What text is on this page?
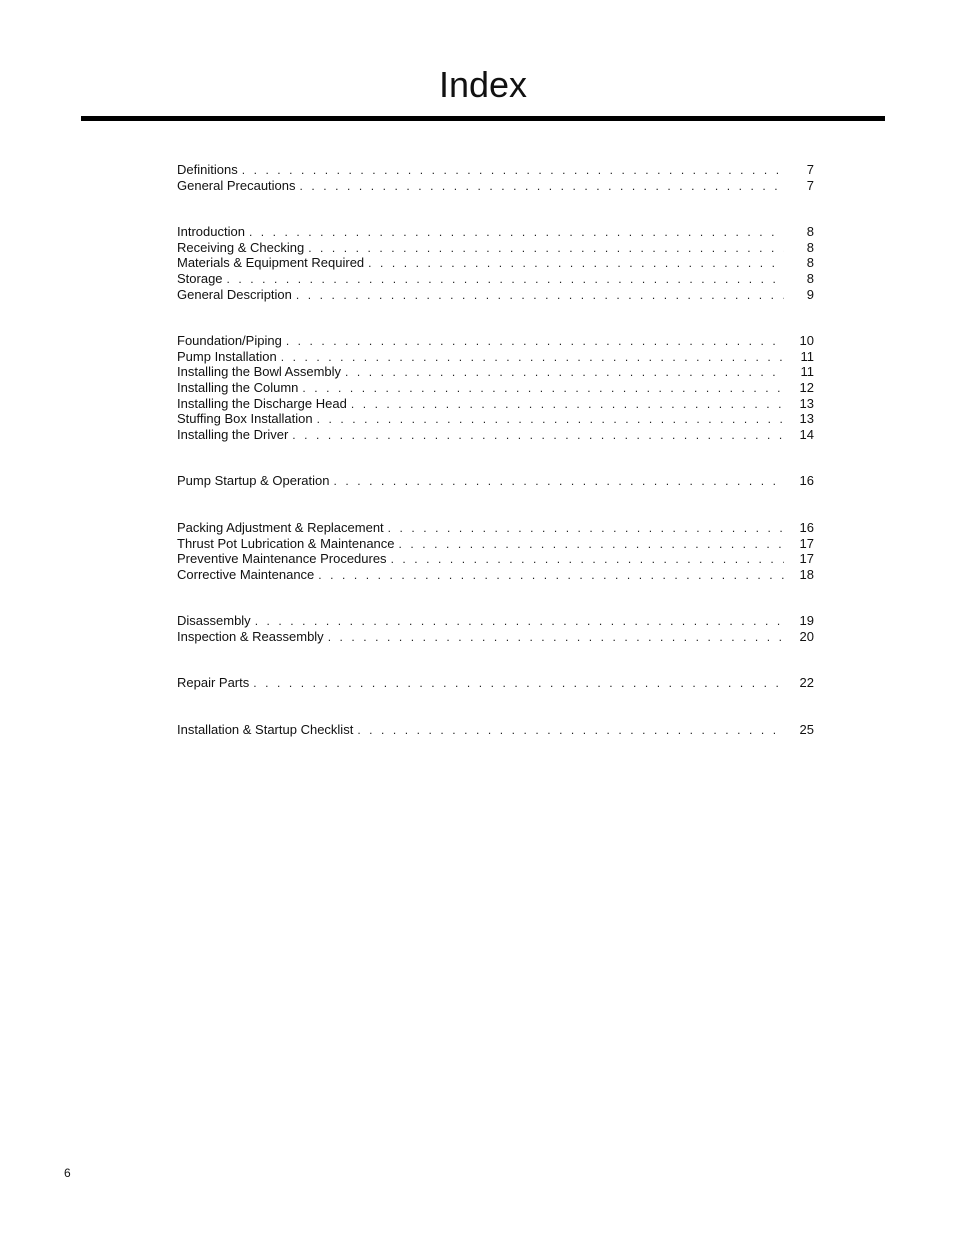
Index
Definitions . . .	7
General Precautions . . .	7
Introduction . . .	8
Receiving & Checking . . .	8
Materials & Equipment Required . . .	8
Storage . . .	8
General Description . . .	9
Foundation/Piping . . .	10
Pump Installation . . .	11
Installing the Bowl Assembly . . .	11
Installing the Column . . .	12
Installing the Discharge Head . . .	13
Stuffing Box Installation . . .	13
Installing the Driver . . .	14
Pump Startup & Operation . . .	16
Packing Adjustment & Replacement . . .	16
Thrust Pot Lubrication & Maintenance . . .	17
Preventive Maintenance Procedures . . .	17
Corrective Maintenance . . .	18
Disassembly . . .	19
Inspection & Reassembly . . .	20
Repair Parts . . .	22
Installation & Startup Checklist . . .	25
6
